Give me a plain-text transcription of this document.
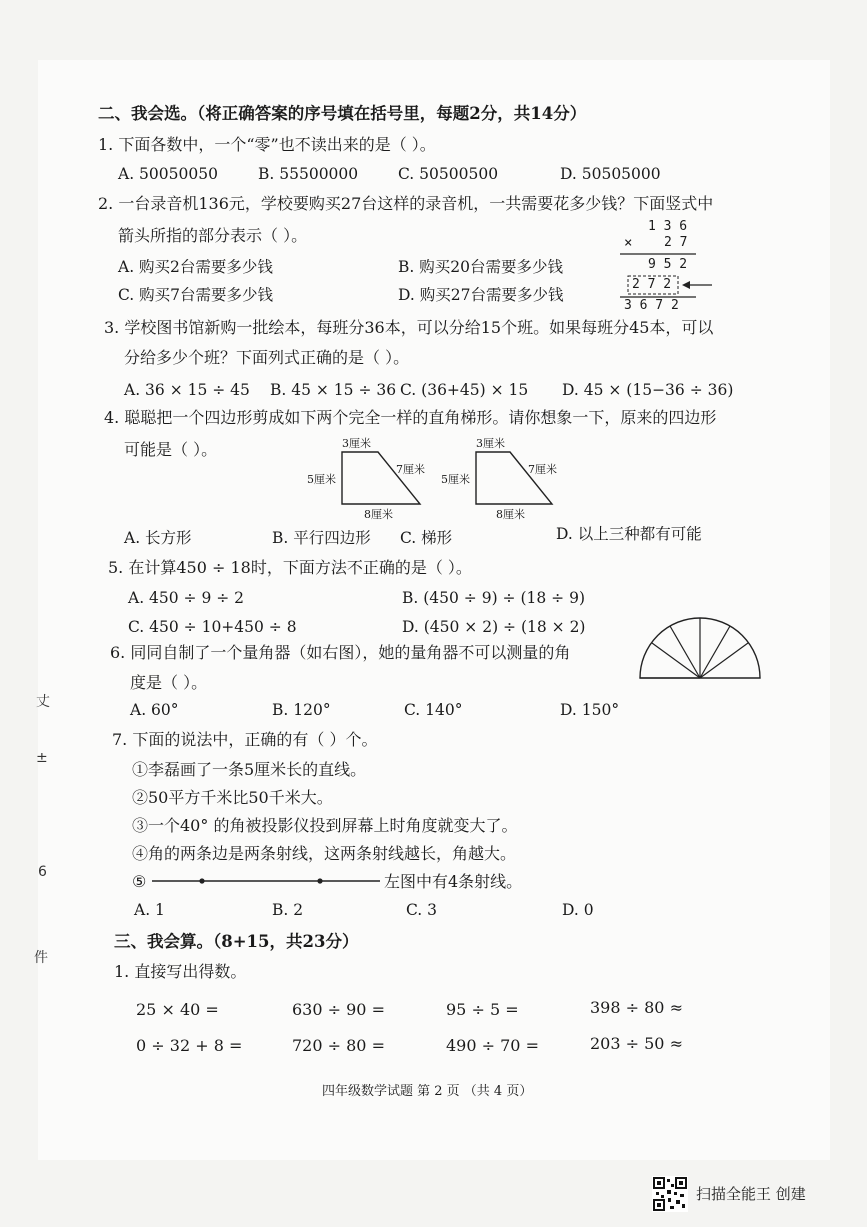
二、我会选。（将正确答案的序号填在括号里，每题2分，共14分）
1. 下面各数中，一个“零”也不读出来的是（ ）。
A. 50050050	B. 55500000	C. 50500500	D. 50505000
2. 一台录音机136元，学校要购买27台这样的录音机，一共需要花多少钱？下面竖式中
箭头所指的部分表示（ ）。
A. 购买2台需要多少钱	B. 购买20台需要多少钱
C. 购买7台需要多少钱	D. 购买27台需要多少钱
1 3 6
× 2 7
9 5 2
2 7 2
3 6 7 2
3. 学校图书馆新购一批绘本，每班分36本，可以分给15个班。如果每班分45本，可以
分给多少个班？下面列式正确的是（ ）。
A. 36 × 15 ÷ 45 B. 45 × 15 ÷ 36 C. (36+45) × 15 D. 45 × (15−36 ÷ 36)
4. 聪聪把一个四边形剪成如下两个完全一样的直角梯形。请你想象一下，原来的四边形
可能是（ ）。	3厘米
5厘米
7厘米
8厘米
3厘米
5厘米
7厘米
8厘米
A. 长方形	B. 平行四边形 C. 梯形	D. 以上三种都有可能
5. 在计算450 ÷ 18时，下面方法不正确的是（ ）。
A. 450 ÷ 9 ÷ 2	B. (450 ÷ 9) ÷ (18 ÷ 9)
C. 450 ÷ 10+450 ÷ 8	D. (450 × 2) ÷ (18 × 2)
6. 同同自制了一个量角器（如右图），她的量角器不可以测量的角
度是（ ）。
A. 60°	B. 120°	C. 140°	D. 150°
7. 下面的说法中，正确的有（ ）个。
①李磊画了一条5厘米长的直线。
②50平方千米比50千米大。
③一个40° 的角被投影仪投到屏幕上时角度就变大了。
④角的两条边是两条射线，这两条射线越长，角越大。
⑤	左图中有4条射线。
A. 1	B. 2	C. 3	D. 0
三、我会算。（8+15，共23分）
1. 直接写出得数。
25 × 40 =	630 ÷ 90 =	95 ÷ 5 =	398 ÷ 80 ≈
0 ÷ 32 + 8 =	720 ÷ 80 =	490 ÷ 70 =	203 ÷ 50 ≈
四年级数学试题 第 2 页 （共 4 页）
丈
±
6
件
扫描全能王 创建
